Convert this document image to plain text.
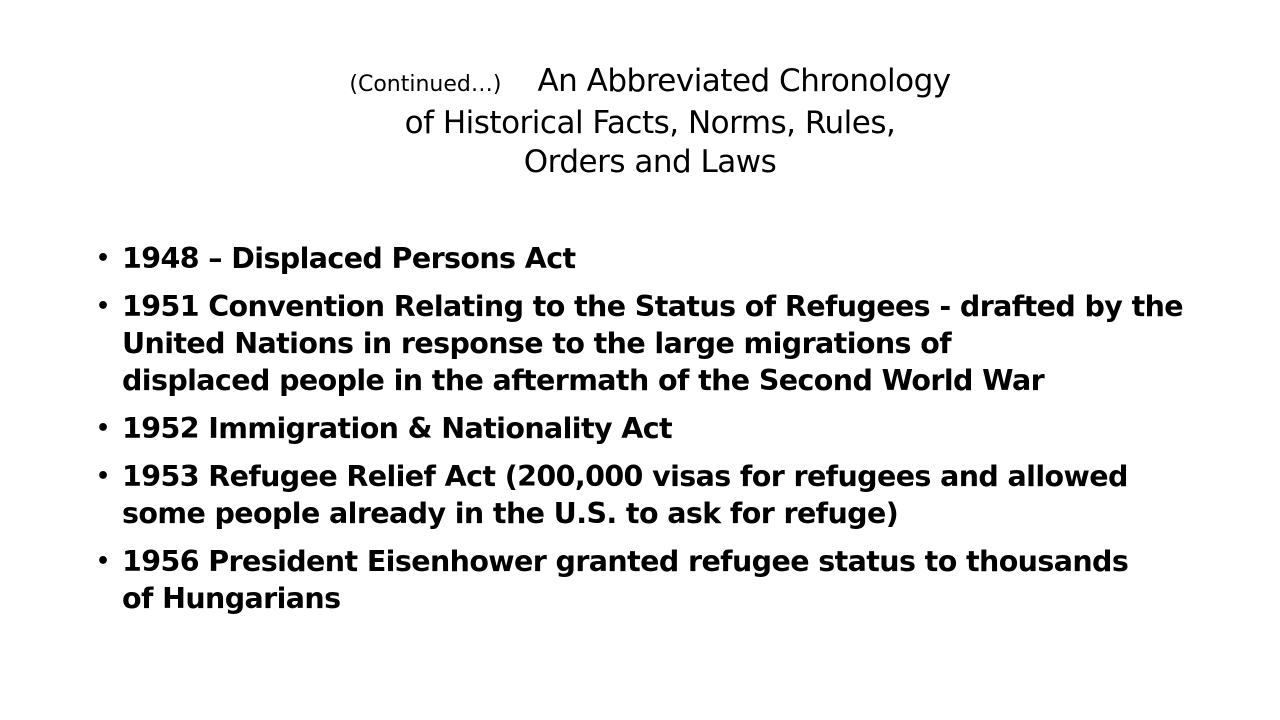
(Continued…) An Abbreviated Chronology
of Historical Facts, Norms, Rules,
Orders and Laws
• 1948 – Displaced Persons Act
• 1951 Convention Relating to the Status of Refugees - drafted by the
United Nations in response to the large migrations of
displaced people in the aftermath of the Second World War
• 1952 Immigration & Nationality Act
• 1953 Refugee Relief Act (200,000 visas for refugees and allowed
some people already in the U.S. to ask for refuge)
• 1956 President Eisenhower granted refugee status to thousands
of Hungarians
